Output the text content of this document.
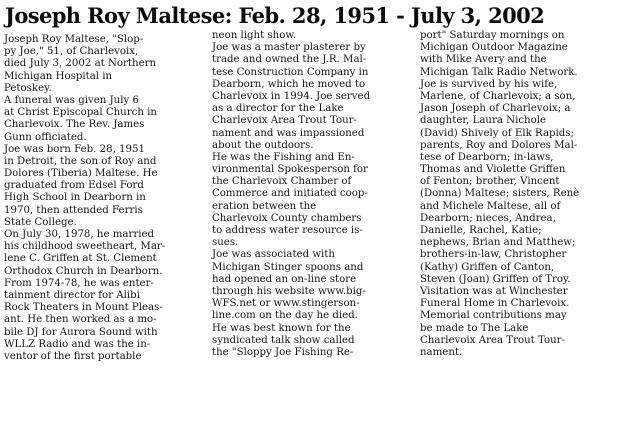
Joseph Roy Maltese: Feb. 28, 1951 - July 3, 2002
Joseph Roy Maltese, "Slop-
py Joe," 51, of Charlevoix,
died July 3, 2002 at Northern
Michigan Hospital in
Petoskey.
A funeral was given July 6
at Christ Episcopal Church in
Charlevoix. The Rev. James
Gunn officiated.
Joe was born Feb. 28, 1951
in Detroit, the son of Roy and
Dolores (Tiberia) Maltese. He
graduated from Edsel Ford
High School in Dearborn in
1970, then attended Ferris
State College.
On July 30, 1978, he married
his childhood sweetheart, Mar-
lene C. Griffen at St. Clement
Orthodox Church in Dearborn.
From 1974-78, he was enter-
tainment director for Alibi
Rock Theaters in Mount Pleas-
ant. He then worked as a mo-
bile DJ for Aurora Sound with
WLLZ Radio and was the in-
ventor of the first portable
neon light show.
Joe was a master plasterer by
trade and owned the J.R. Mal-
tese Construction Company in
Dearborn, which he moved to
Charlevoix in 1994. Joe served
as a director for the Lake
Charlevoix Area Trout Tour-
nament and was impassioned
about the outdoors.
He was the Fishing and En-
vironmental Spokesperson for
the Charlevoix Chamber of
Commerce and initiated coop-
eration between the
Charlevoix County chambers
to address water resource is-
sues.
Joe was associated with
Michigan Stinger spoons and
had opened an on-line store
through his website www.big-
WFS.net or www.stingerson-
line.com on the day he died.
He was best known for the
syndicated talk show called
the "Sloppy Joe Fishing Re-
port" Saturday mornings on
Michigan Outdoor Magazine
with Mike Avery and the
Michigan Talk Radio Network.
Joe is survived by his wife,
Marlene, of Charlevoix; a son,
Jason Joseph of Charlevoix; a
daughter, Laura Nichole
(David) Shively of Elk Rapids;
parents, Roy and Dolores Mal-
tese of Dearborn; in-laws,
Thomas and Violette Griffen
of Fenton; brother, Vincent
(Donna) Maltese; sisters, Renè
and Michele Maltese, all of
Dearborn; nieces, Andrea,
Danielle, Rachel, Katie;
nephews, Brian and Matthew;
brothers-in-law, Christopher
(Kathy) Griffen of Canton,
Steven (Joan) Griffen of Troy.
Visitation was at Winchester
Funeral Home in Charlevoix.
Memorial contributions may
be made to The Lake
Charlevoix Area Trout Tour-
nament.
